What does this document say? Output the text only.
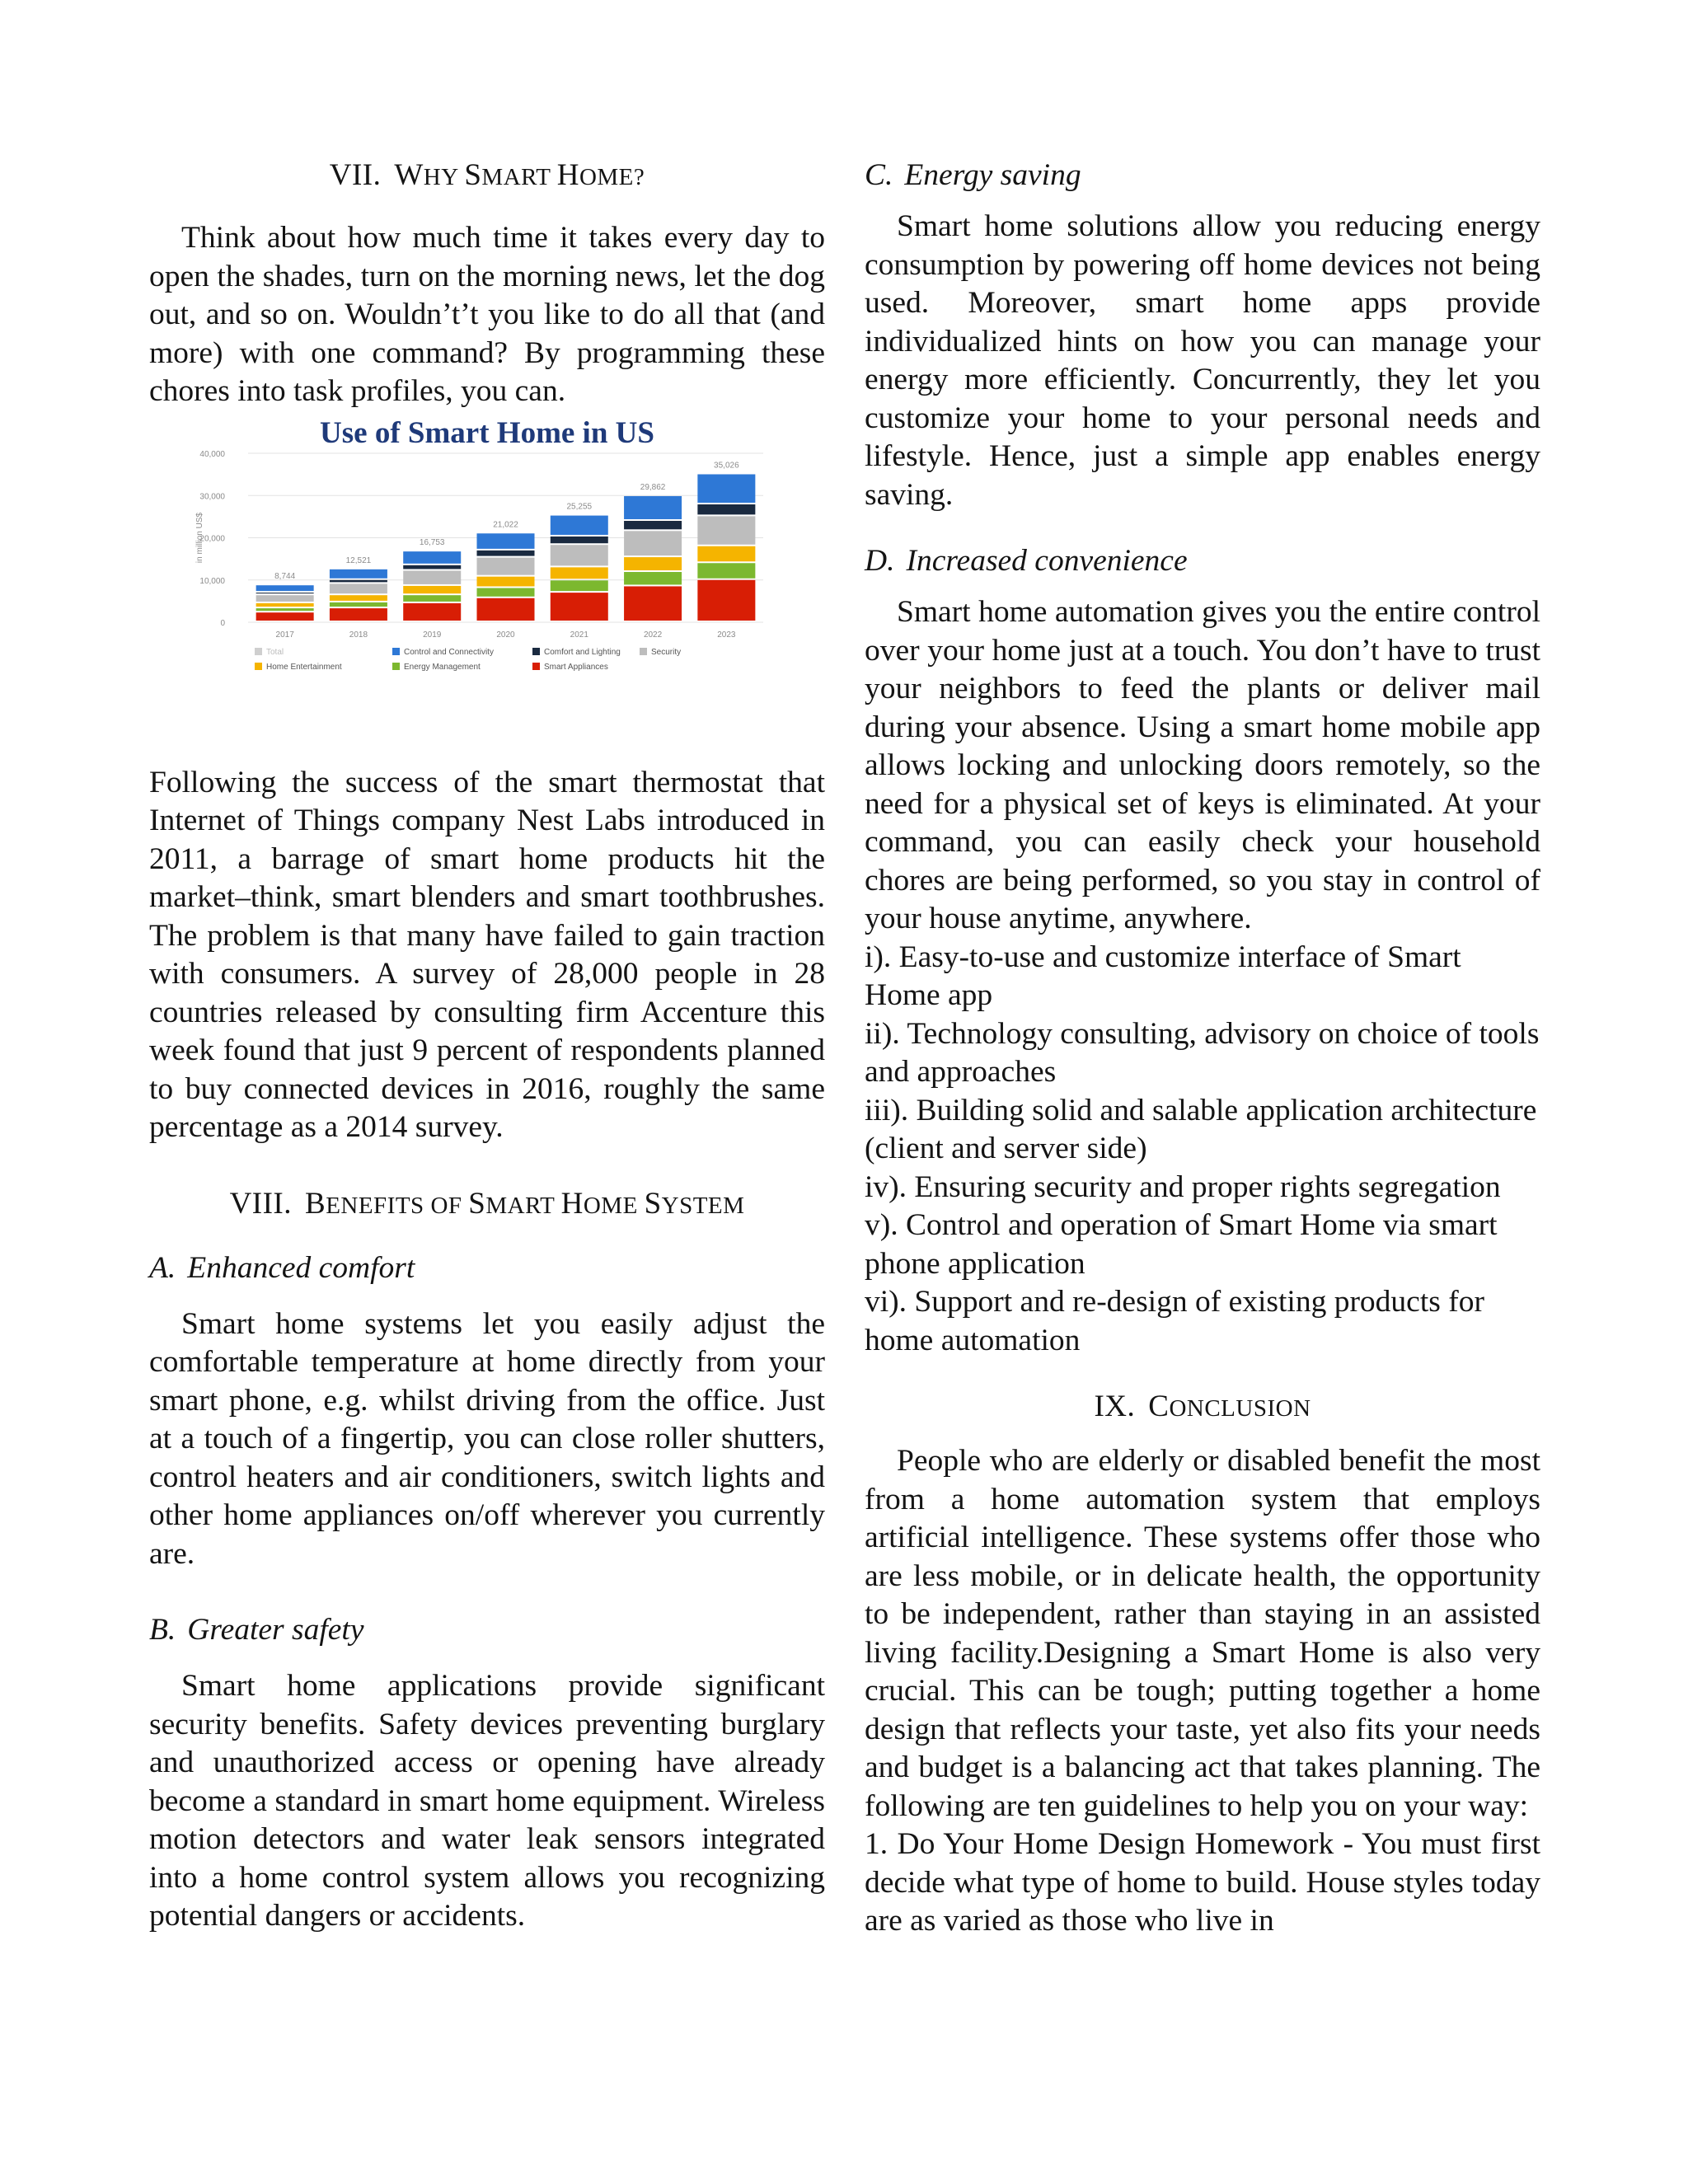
VII. WHY SMART HOME?

Think about how much time it takes every day to open the shades, turn on the morning news, let the dog out, and so on. Wouldn’t’t you like to do all that (and more) with one command? By programming these chores into task profiles, you can.

Use of Smart Home in US
0
10,000
20,000
30,000
40,000
in million US$
8,744
2017
12,521
2018
16,753
2019
21,022
2020
25,255
2021
29,862
2022
35,026
2023
Total	Control and Connectivity	Comfort and Lighting	Security
Home Entertainment	Energy Management	Smart Appliances

Following the success of the smart thermostat that Internet of Things company Nest Labs introduced in 2011, a barrage of smart home products hit the market–think, smart blenders and smart toothbrushes. The problem is that many have failed to gain traction with consumers. A survey of 28,000 people in 28 countries released by consulting firm Accenture this week found that just 9 percent of respondents planned to buy connected devices in 2016, roughly the same percentage as a 2014 survey.

VIII. BENEFITS OF SMART HOME SYSTEM
A. Enhanced comfort

Smart home systems let you easily adjust the comfortable temperature at home directly from your smart phone, e.g. whilst driving from the office. Just at a touch of a fingertip, you can close roller shutters, control heaters and air conditioners, switch lights and other home appliances on/off wherever you currently are.

B. Greater safety

Smart home applications provide significant security benefits. Safety devices preventing burglary and unauthorized access or opening have already become a standard in smart home equipment. Wireless motion detectors and water leak sensors integrated into a home control system allows you recognizing potential dangers or accidents.

C. Energy saving

Smart home solutions allow you reducing energy consumption by powering off home devices not being used. Moreover, smart home apps provide individualized hints on how you can manage your energy more efficiently. Concurrently, they let you customize your home to your personal needs and lifestyle. Hence, just a simple app enables energy saving.

D. Increased convenience

Smart home automation gives you the entire control over your home just at a touch. You don’t have to trust your neighbors to feed the plants or deliver mail during your absence. Using a smart home mobile app allows locking and unlocking doors remotely, so the need for a physical set of keys is eliminated. At your command, you can easily check your household chores are being performed, so you stay in control of your house anytime, anywhere.

i). Easy-to-use and customize interface of Smart Home app

ii). Technology consulting, advisory on choice of tools and approaches

iii). Building solid and salable application architecture (client and server side)

iv). Ensuring security and proper rights segregation

v). Control and operation of Smart Home via smart phone application

vi). Support and re-design of existing products for home automation

IX. CONCLUSION

People who are elderly or disabled benefit the most from a home automation system that employs artificial intelligence. These systems offer those who are less mobile, or in delicate health, the opportunity to be independent, rather than staying in an assisted living facility.Designing a Smart Home is also very crucial. This can be tough; putting together a home design that reflects your taste, yet also fits your needs and budget is a balancing act that takes planning. The following are ten guidelines to help you on your way:

1. Do Your Home Design Homework - You must first decide what type of home to build. House styles today are as varied as those who live in
